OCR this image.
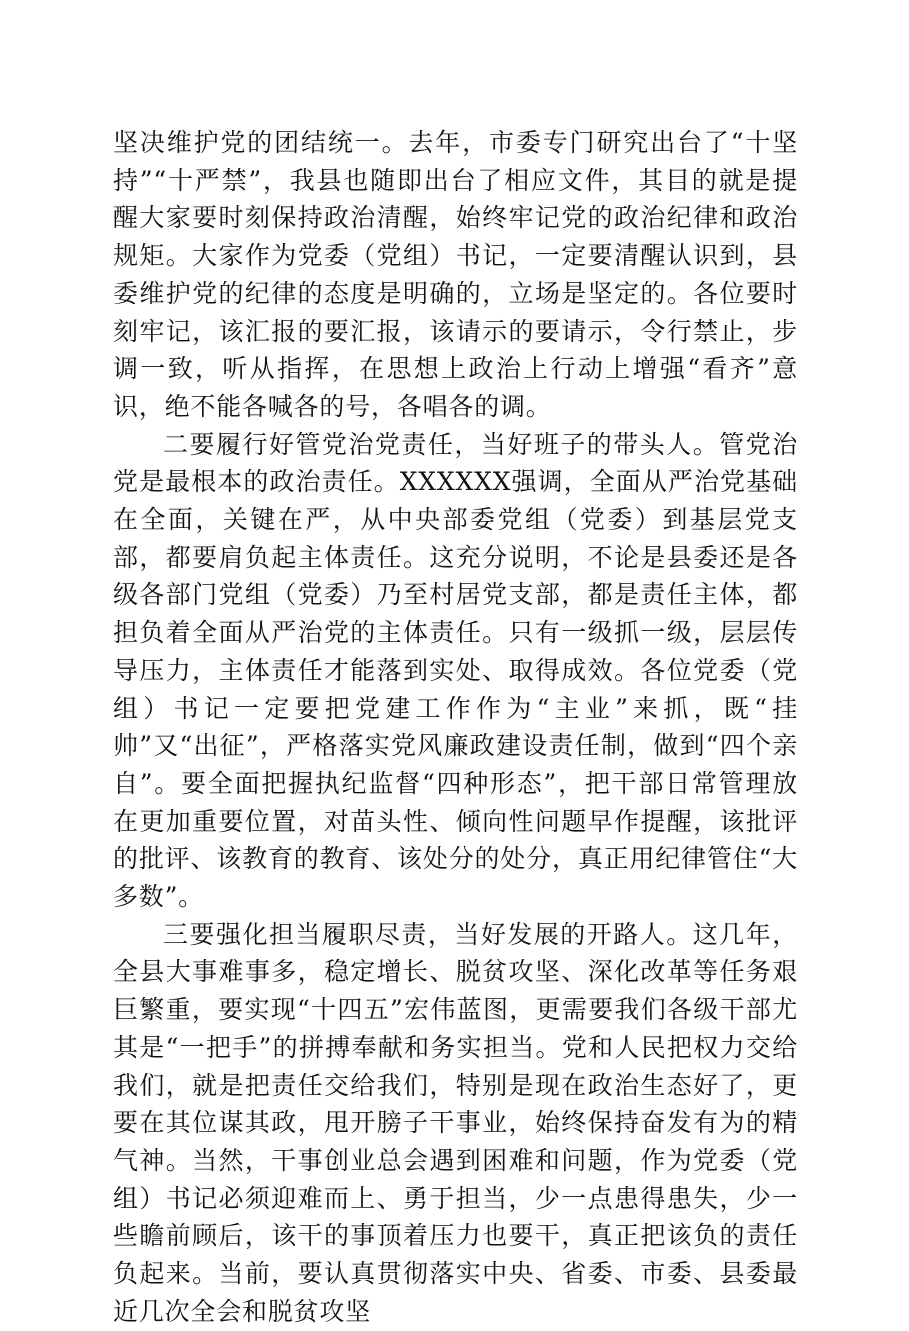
坚决维护党的团结统一。去年，市委专门研究出台了“十坚持”“十严禁”，我县也随即出台了相应文件，其目的就是提醒大家要时刻保持政治清醒，始终牢记党的政治纪律和政治规矩。大家作为党委（党组）书记，一定要清醒认识到，县委维护党的纪律的态度是明确的，立场是坚定的。各位要时刻牢记，该汇报的要汇报，该请示的要请示，令行禁止，步调一致，听从指挥，在思想上政治上行动上增强“看齐”意识，绝不能各喊各的号，各唱各的调。

二要履行好管党治党责任，当好班子的带头人。管党治党是最根本的政治责任。XXXXXX强调，全面从严治党基础在全面，关键在严，从中央部委党组（党委）到基层党支部，都要肩负起主体责任。这充分说明，不论是县委还是各级各部门党组（党委）乃至村居党支部，都是责任主体，都担负着全面从严治党的主体责任。只有一级抓一级，层层传导压力，主体责任才能落到实处、取得成效。各位党委（党组）书记一定要把党建工作作为“主业”来抓，既“挂帅”又“出征”，严格落实党风廉政建设责任制，做到“四个亲自”。要全面把握执纪监督“四种形态”，把干部日常管理放在更加重要位置，对苗头性、倾向性问题早作提醒，该批评的批评、该教育的教育、该处分的处分，真正用纪律管住“大多数”。

三要强化担当履职尽责，当好发展的开路人。这几年，全县大事难事多，稳定增长、脱贫攻坚、深化改革等任务艰巨繁重，要实现“十四五”宏伟蓝图，更需要我们各级干部尤其是“一把手”的拼搏奉献和务实担当。党和人民把权力交给我们，就是把责任交给我们，特别是现在政治生态好了，更要在其位谋其政，甩开膀子干事业，始终保持奋发有为的精气神。当然，干事创业总会遇到困难和问题，作为党委（党组）书记必须迎难而上、勇于担当，少一点患得患失，少一些瞻前顾后，该干的事顶着压力也要干，真正把该负的责任负起来。当前，要认真贯彻落实中央、省委、市委、县委最近几次全会和脱贫攻坚
